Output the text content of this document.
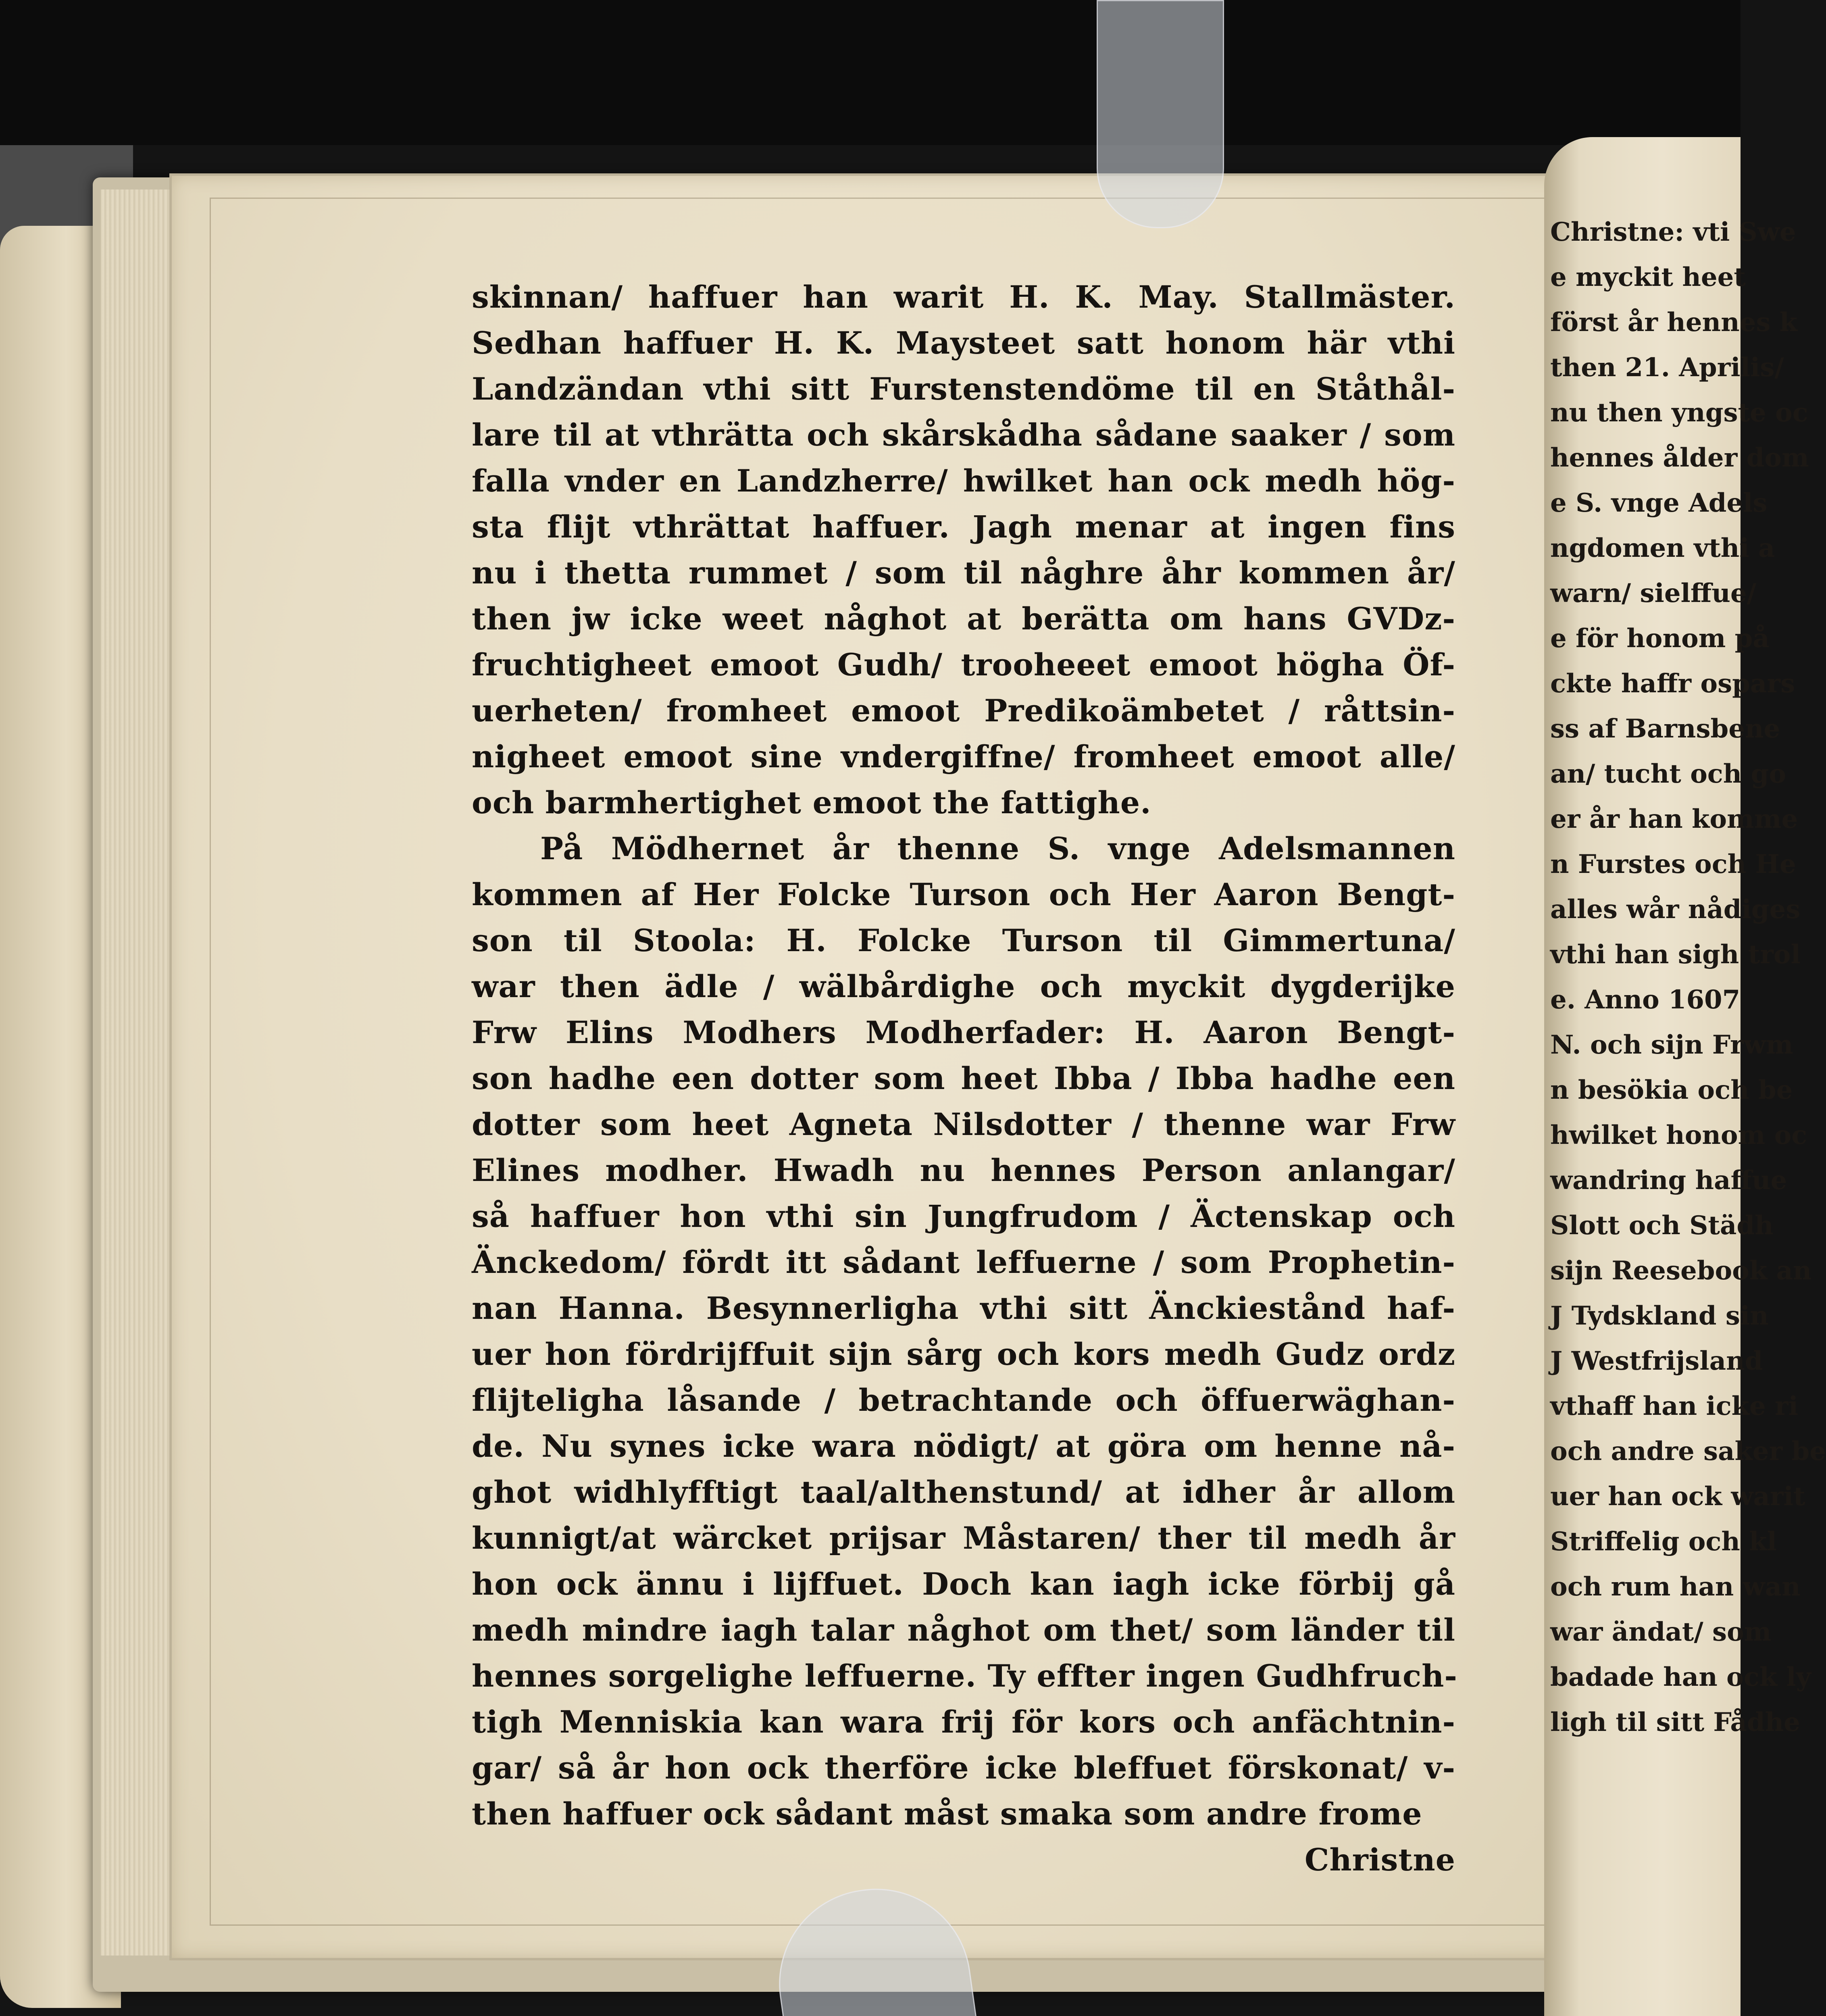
skinnan/ haffuer han warit H. K. May. Stallmäster.
Sedhan haffuer H. K. Maysteet satt honom här vthi
Landzändan vthi sitt Furstenstendöme til en Ståthål-
lare til at vthrätta och skårskådha sådane saaker / som
falla vnder en Landzherre/ hwilket han ock medh hög-
sta flijt vthrättat haffuer. Jagh menar at ingen fins
nu i thetta rummet / som til någhre åhr kommen år/
then jw icke weet någhot at berätta om hans GVDz-
fruchtigheet emoot Gudh/ trooheeet emoot högha Öf-
uerheten/ fromheet emoot Predikoämbetet / råttsin-
nigheet emoot sine vndergiffne/ fromheet emoot alle/
och barmhertighet emoot the fattighe.
På Mödhernet år thenne S. vnge Adelsmannen
kommen af Her Folcke Turson och Her Aaron Bengt-
son til Stoola: H. Folcke Turson til Gimmertuna/
war then ädle / wälbårdighe och myckit dygderijke
Frw Elins Modhers Modherfader: H. Aaron Bengt-
son hadhe een dotter som heet Ibba / Ibba hadhe een
dotter som heet Agneta Nilsdotter / thenne war Frw
Elines modher. Hwadh nu hennes Person anlangar/
så haffuer hon vthi sin Jungfrudom / Äctenskap och
Änckedom/ fördt itt sådant leffuerne / som Prophetin-
nan Hanna. Besynnerligha vthi sitt Änckiestånd haf-
uer hon fördrijffuit sijn sårg och kors medh Gudz ordz
flijteligha låsande / betrachtande och öffuerwäghan-
de. Nu synes icke wara nödigt/ at göra om henne nå-
ghot widhlyfftigt taal/althenstund/ at idher år allom
kunnigt/at wärcket prijsar Måstaren/ ther til medh år
hon ock ännu i lijffuet. Doch kan iagh icke förbij gå
medh mindre iagh talar någhot om thet/ som länder til
hennes sorgelighe leffuerne. Ty effter ingen Gudhfruch-
tigh Menniskia kan wara frij för kors och anfächtnin-
gar/ så år hon ock therföre icke bleffuet förskonat/ v-
then haffuer ock sådant måst smaka som andre frome
Christne
Christne: vti Swe
e myckit heet
först år hennes k
then 21. Aprilis/
nu then yngste oc
hennes ålder dom
e S. vnge Adels
ngdomen vthi a
warn/ sielffue/
e för honom på
ckte haffr ospars
ss af Barnsbene
an/ tucht och go
er år han komme
n Furstes och He
alles wår nådiges
vthi han sigh trol
e. Anno 1607
N. och sijn Frwm
n besökia och be
hwilket honom oc
wandring haffue
Slott och Städh
sijn Reesebook an
J Tydskland sin
J Westfrijsland
vthaff han icke ri
och andre saker be
uer han ock warit
Striffelig och kl
och rum han wan
war ändat/ som
badade han ock ly
ligh til sitt Fådhe
